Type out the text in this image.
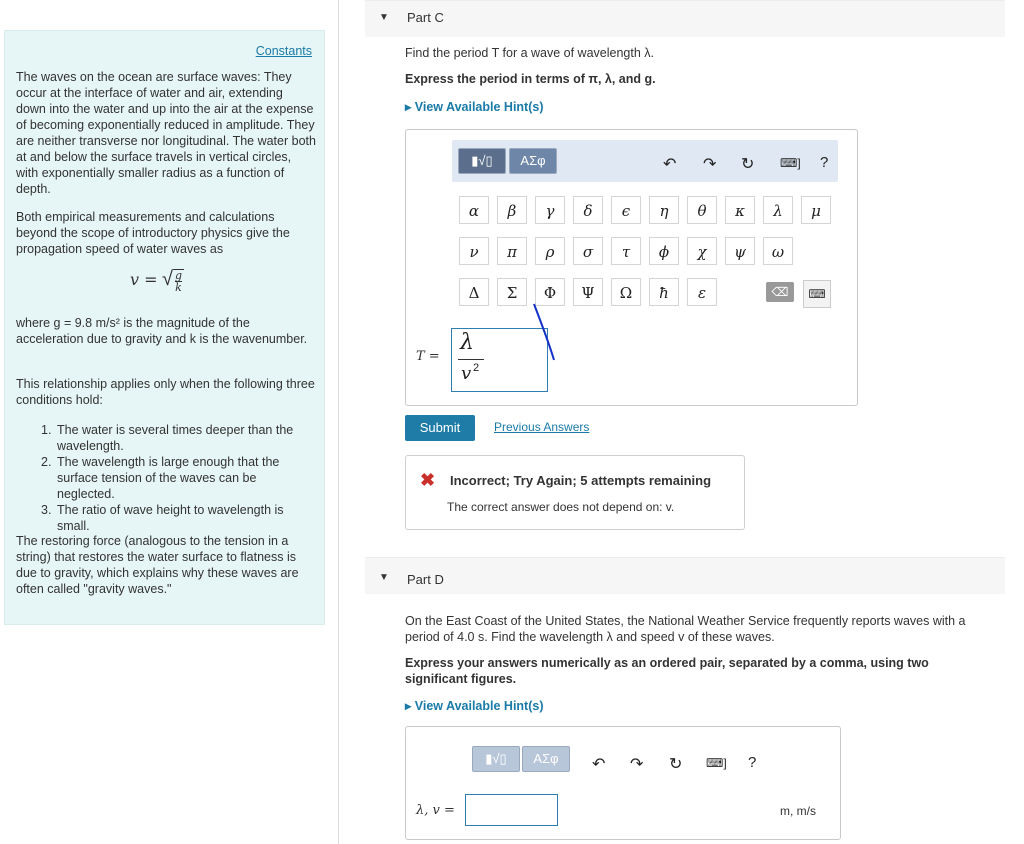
Constants

The waves on the ocean are surface waves: They occur at the interface of water and air, extending down into the water and up into the air at the expense of becoming exponentially reduced in amplitude. They are neither transverse nor longitudinal. The water both at and below the surface travels in vertical circles, with exponentially smaller radius as a function of depth.

Both empirical measurements and calculations beyond the scope of introductory physics give the propagation speed of water waves as

v = √ $\frac{g}{k}$

where g = 9.8 m/s² is the magnitude of the acceleration due to gravity and k is the wavenumber.

This relationship applies only when the following three conditions hold:

1. The water is several times deeper than the wavelength.
2. The wavelength is large enough that the surface tension of the waves can be neglected.
3. The ratio of wave height to wavelength is small.

The restoring force (analogous to the tension in a string) that restores the water surface to flatness is due to gravity, which explains why these waves are often called "gravity waves."

▼ Part C
Find the period T for a wave of wavelength λ.
Express the period in terms of π, λ, and g.
▸ View Available Hint(s)
▮√▯	ΑΣφ	↶ ↷ ↻ ⌨] ?
α	β	γ	δ	ϵ	η	θ	κ	λ	μ
ν	π	ρ	σ	τ	ϕ	χ	ψ	ω
Δ	Σ	Φ	Ψ	Ω	ħ	ε	⌫	⌨
T =
λ
v 2
Submit	Previous Answers
✖ Incorrect; Try Again; 5 attempts remaining
The correct answer does not depend on: v.
▼ Part D
On the East Coast of the United States, the National Weather Service frequently reports waves with a period of 4.0 s. Find the wavelength λ and speed v of these waves.
Express your answers numerically as an ordered pair, separated by a comma, using two significant figures.
▸ View Available Hint(s)
▮√▯	ΑΣφ	↶ ↷ ↻ ⌨] ?
λ, v =	m, m/s
